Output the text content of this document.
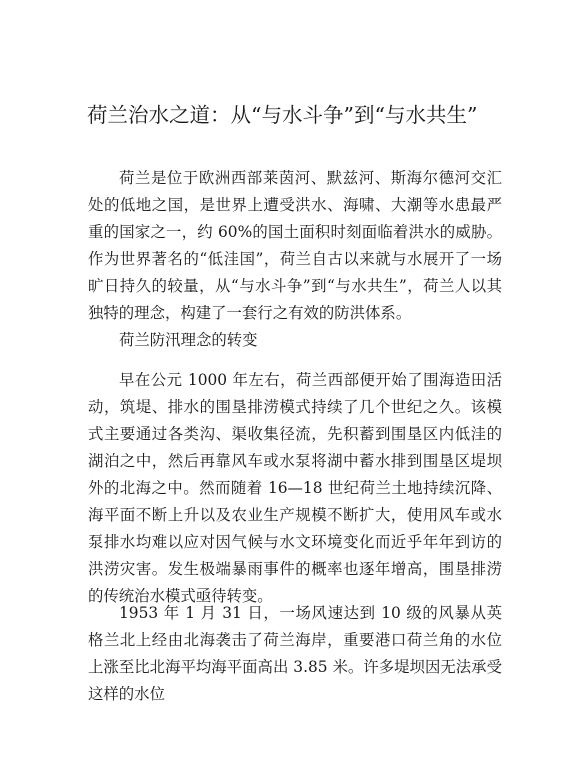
荷兰治水之道：从“与水斗争”到“与水共生”

荷兰是位于欧洲西部莱茵河、默兹河、斯海尔德河交汇处的低地之国，是世界上遭受洪水、海啸、大潮等水患最严重的国家之一，约 60%的国土面积时刻面临着洪水的威胁。作为世界著名的“低洼国”，荷兰自古以来就与水展开了一场旷日持久的较量，从“与水斗争”到“与水共生”，荷兰人以其独特的理念，构建了一套行之有效的防洪体系。

荷兰防汛理念的转变

早在公元 1000 年左右，荷兰西部便开始了围海造田活动，筑堤、排水的围垦排涝模式持续了几个世纪之久。该模式主要通过各类沟、渠收集径流，先积蓄到围垦区内低洼的湖泊之中，然后再靠风车或水泵将湖中蓄水排到围垦区堤坝外的北海之中。然而随着 16—18 世纪荷兰土地持续沉降、海平面不断上升以及农业生产规模不断扩大，使用风车或水泵排水均难以应对因气候与水文环境变化而近乎年年到访的洪涝灾害。发生极端暴雨事件的概率也逐年增高，围垦排涝的传统治水模式亟待转变。

1953 年 1 月 31 日，一场风速达到 10 级的风暴从英格兰北上经由北海袭击了荷兰海岸，重要港口荷兰角的水位上涨至比北海平均海平面高出 3.85 米。许多堤坝因无法承受这样的水位
